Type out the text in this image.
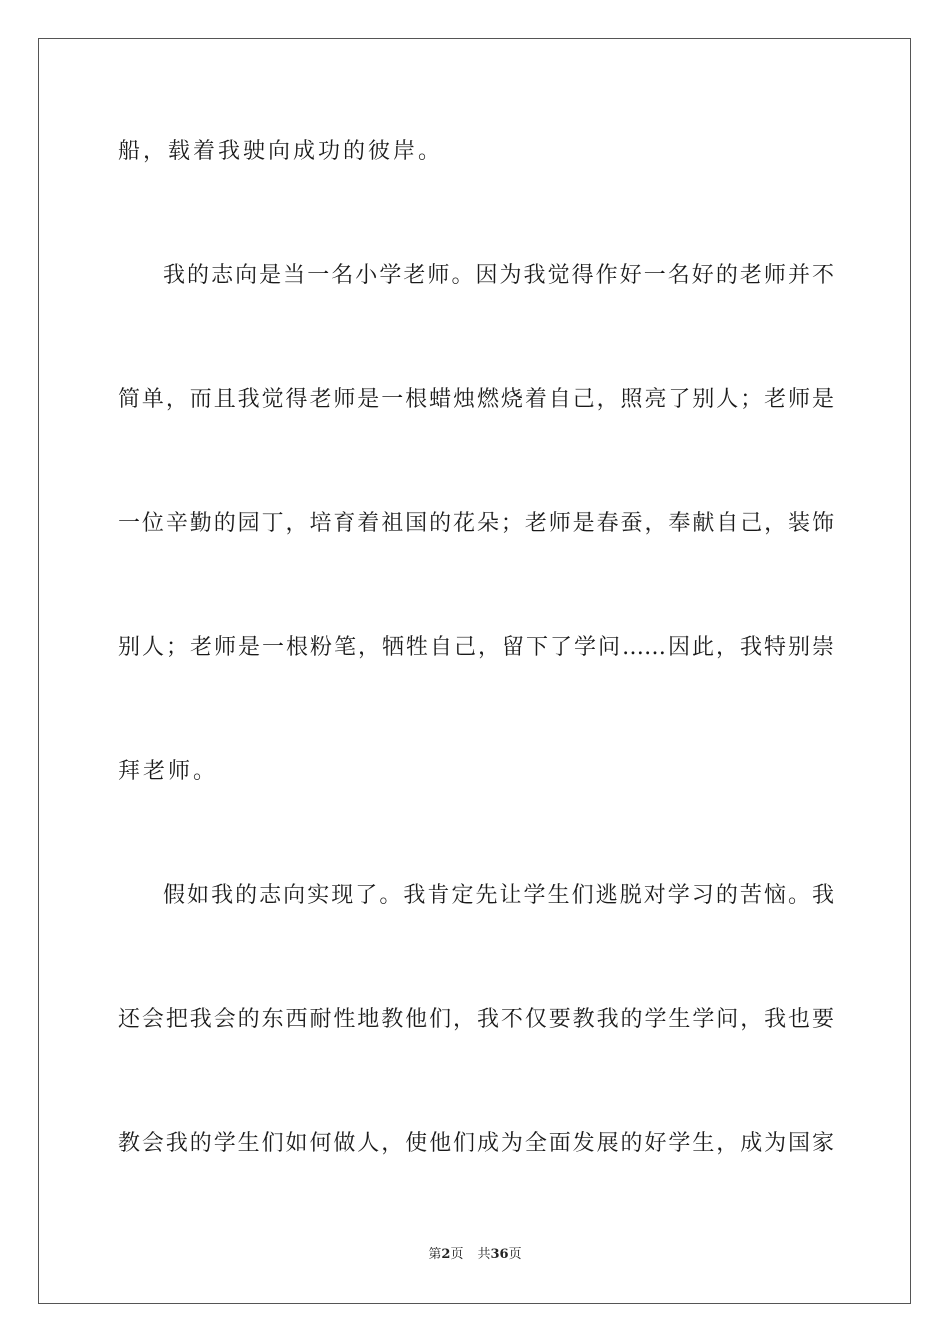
船，载着我驶向成功的彼岸。
我的志向是当一名小学老师。因为我觉得作好一名好的老师并不
简单，而且我觉得老师是一根蜡烛燃烧着自己，照亮了别人；老师是
一位辛勤的园丁，培育着祖国的花朵；老师是春蚕，奉献自己，装饰
别人；老师是一根粉笔，牺牲自己，留下了学问……因此，我特别崇
拜老师。
假如我的志向实现了。我肯定先让学生们逃脱对学习的苦恼。我
还会把我会的东西耐性地教他们，我不仅要教我的学生学问，我也要
教会我的学生们如何做人，使他们成为全面发展的好学生，成为国家
第2页 共36页
